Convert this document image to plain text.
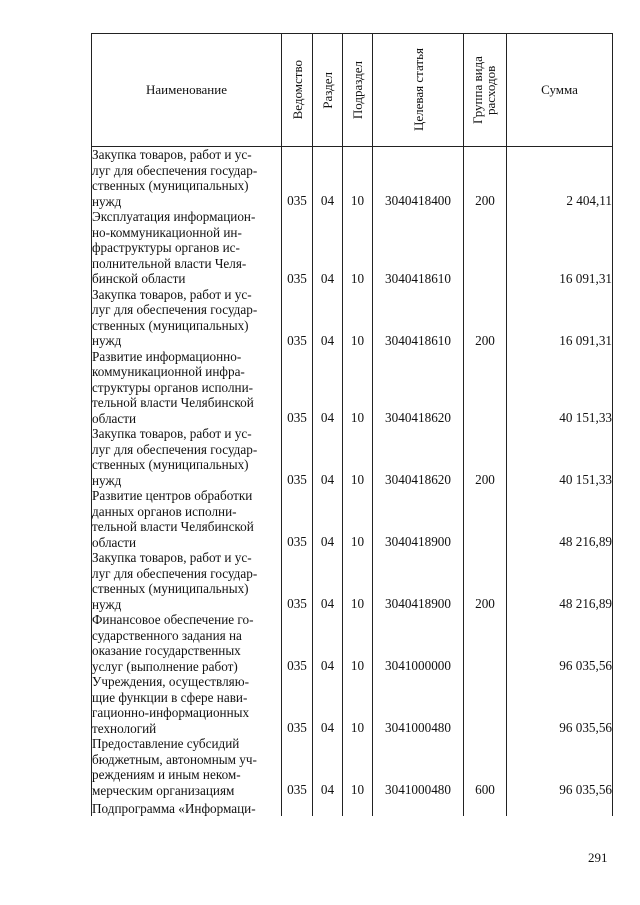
Наименование	Ведомство	Раздел	Подраздел	Целевая статья	Группа вида расходов	Сумма
Закупка товаров, работ и ус-
луг для обеспечения государ-
ственных (муниципальных)
нужд	035	04	10	3040418400	200	2 404,11
Эксплуатация информацион-
но-коммуникационной ин-
фраструктуры органов ис-
полнительной власти Челя-
бинской области	035	04	10	3040418610		16 091,31
Закупка товаров, работ и ус-
луг для обеспечения государ-
ственных (муниципальных)
нужд	035	04	10	3040418610	200	16 091,31
Развитие информационно-
коммуникационной инфра-
структуры органов исполни-
тельной власти Челябинской
области	035	04	10	3040418620		40 151,33
Закупка товаров, работ и ус-
луг для обеспечения государ-
ственных (муниципальных)
нужд	035	04	10	3040418620	200	40 151,33
Развитие центров обработки
данных органов исполни-
тельной власти Челябинской
области	035	04	10	3040418900		48 216,89
Закупка товаров, работ и ус-
луг для обеспечения государ-
ственных (муниципальных)
нужд	035	04	10	3040418900	200	48 216,89
Финансовое обеспечение го-
сударственного задания на
оказание государственных
услуг (выполнение работ)	035	04	10	3041000000		96 035,56
Учреждения, осуществляю-
щие функции в сфере нави-
гационно-информационных
технологий	035	04	10	3041000480		96 035,56
Предоставление субсидий
бюджетным, автономным уч-
реждениям и иным неком-
мерческим организациям	035	04	10	3041000480	600	96 035,56
Подпрограмма «Информаци-						
291
